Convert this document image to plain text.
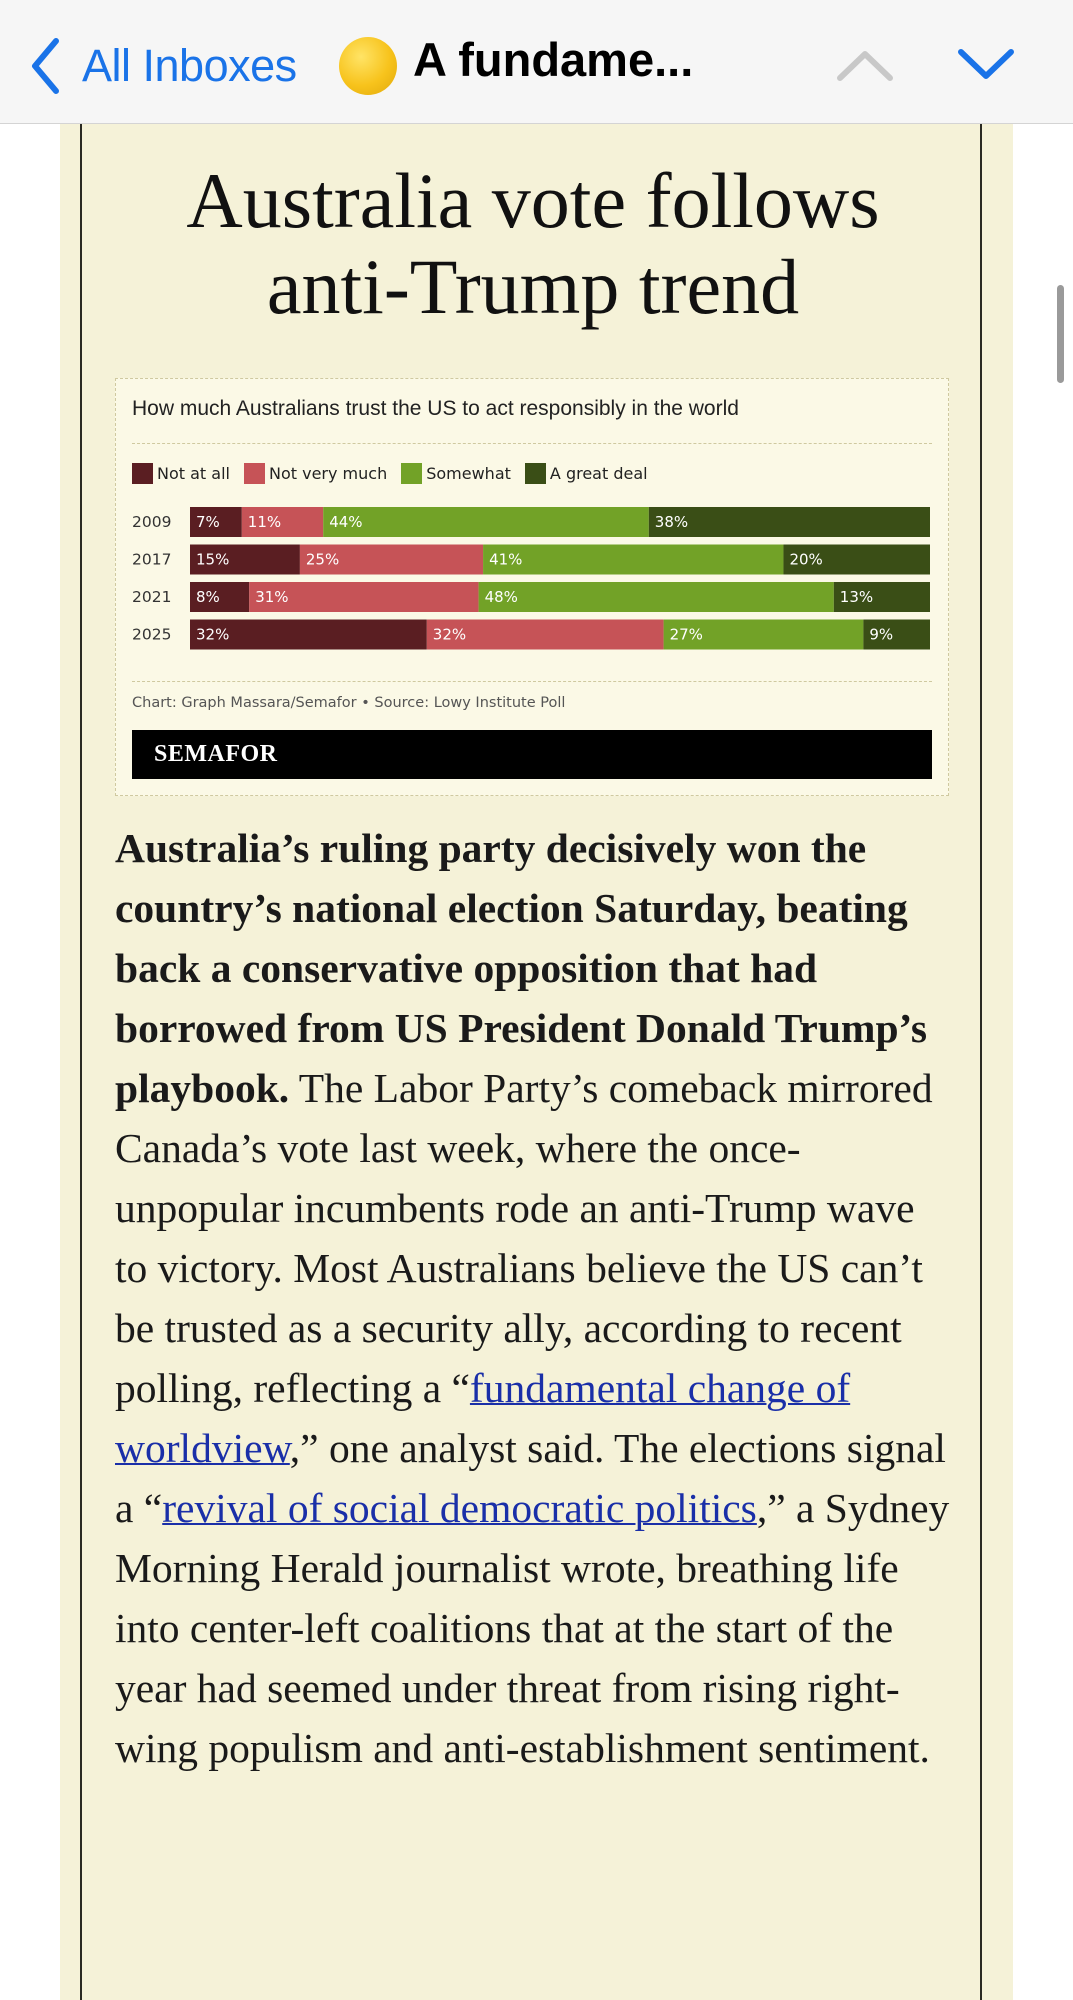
All Inboxes A fundame...
Australia vote follows
anti-Trump trend
How much Australians trust the US to act responsibly in the world
Not at all Not very much Somewhat A great deal
2009 7% 11%	44%	38%
2017 15%	25%	41%	20%
2021 8% 31%	48%	13%
2025 32%	32%	27%	9%
Chart: Graph Massara/Semafor • Source: Lowy Institute Poll
SEMAFOR

Australia’s ruling party decisively won the country’s national election Saturday, beating back a conservative opposition that had borrowed from US President Donald Trump’s playbook. The Labor Party’s comeback mirrored Canada’s vote last week, where the once-unpopular incumbents rode an anti-Trump wave to victory. Most Australians believe the US can’t be trusted as a security ally, according to recent polling, reflecting a “fundamental change of worldview,” one analyst said. The elections signal a “revival of social democratic politics,” a Sydney Morning Herald journalist wrote, breathing life into center-left coalitions that at the start of the year had seemed under threat from rising right-wing populism and anti-establishment sentiment.
